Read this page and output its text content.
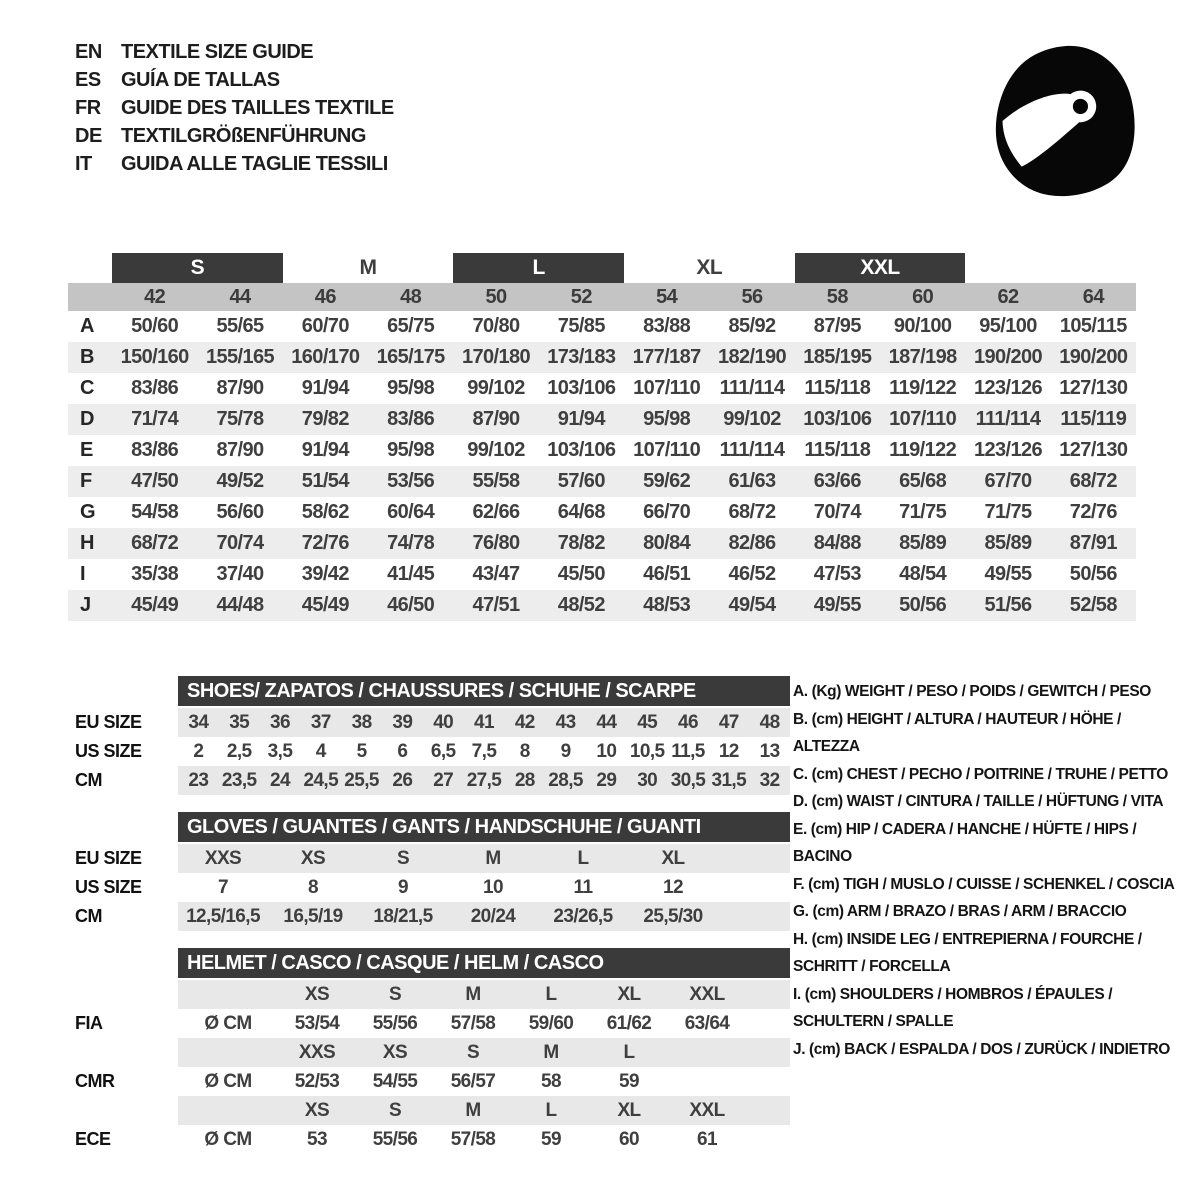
EN TEXTILE SIZE GUIDE
ES	GUÍA DE TALLAS
FR	GUIDE DES TAILLES TEXTILE
DE TEXTILGRÖßENFÜHRUNG
IT	GUIDA ALLE TAGLIE TESSILI
S	M	L	XL	XXL
42	44	46	48	50	52	54	56	58	60	62	64
A	50/60	55/65	60/70	65/75	70/80	75/85	83/88	85/92	87/95	90/100	95/100	105/115
B	150/160 155/165 160/170 165/175 170/180 173/183 177/187 182/190 185/195 187/198 190/200 190/200
C	83/86	87/90	91/94	95/98	99/102	103/106 107/110 111/114 115/118 119/122 123/126 127/130
D	71/74	75/78	79/82	83/86	87/90	91/94	95/98	99/102	103/106 107/110 111/114 115/119
E	83/86	87/90	91/94	95/98	99/102	103/106 107/110 111/114 115/118 119/122 123/126 127/130
F	47/50	49/52	51/54	53/56	55/58	57/60	59/62	61/63	63/66	65/68	67/70	68/72
G	54/58	56/60	58/62	60/64	62/66	64/68	66/70	68/72	70/74	71/75	71/75	72/76
H	68/72	70/74	72/76	74/78	76/80	78/82	80/84	82/86	84/88	85/89	85/89	87/91
I	35/38	37/40	39/42	41/45	43/47	45/50	46/51	46/52	47/53	48/54	49/55	50/56
J	45/49	44/48	45/49	46/50	47/51	48/52	48/53	49/54	49/55	50/56	51/56	52/58
SHOES/ ZAPATOS / CHAUSSURES / SCHUHE / SCARPE
EU SIZE	34	35	36	37	38	39	40	41	42	43	44	45	46	47	48
US SIZE	2	2,5 3,5	4	5	6	6,5 7,5	8	9	10 10,5 11,5 12	13
CM	23 23,5 24 24,5 25,5 26	27 27,5 28 28,5 29	30 30,5 31,5 32
GLOVES / GUANTES / GANTS / HANDSCHUHE / GUANTI
EU SIZE	XXS	XS	S	M	L	XL
US SIZE	7	8	9	10	11	12
CM	12,5/16,5	16,5/19	18/21,5	20/24	23/26,5	25,5/30
HELMET / CASCO / CASQUE / HELM / CASCO
XS	S	M	L	XL	XXL
FIA	Ø CM	53/54	55/56	57/58	59/60	61/62	63/64
XXS	XS	S	M	L
CMR	Ø CM	52/53	54/55	56/57	58	59
XS	S	M	L	XL	XXL
ECE	Ø CM	53	55/56	57/58	59	60	61
A. (Kg) WEIGHT / PESO / POIDS / GEWITCH / PESO
B. (cm) HEIGHT / ALTURA / HAUTEUR / HÖHE / ALTEZZA
C. (cm) CHEST / PECHO / POITRINE / TRUHE / PETTO
D. (cm) WAIST / CINTURA / TAILLE / HÜFTUNG / VITA
E. (cm) HIP / CADERA / HANCHE / HÜFTE / HIPS / BACINO
F. (cm) TIGH / MUSLO / CUISSE / SCHENKEL / COSCIA
G. (cm) ARM / BRAZO / BRAS / ARM / BRACCIO
H. (cm) INSIDE LEG / ENTREPIERNA / FOURCHE / SCHRITT / FORCELLA
I. (cm) SHOULDERS / HOMBROS / ÉPAULES / SCHULTERN / SPALLE
J. (cm) BACK / ESPALDA / DOS / ZURÜCK / INDIETRO
